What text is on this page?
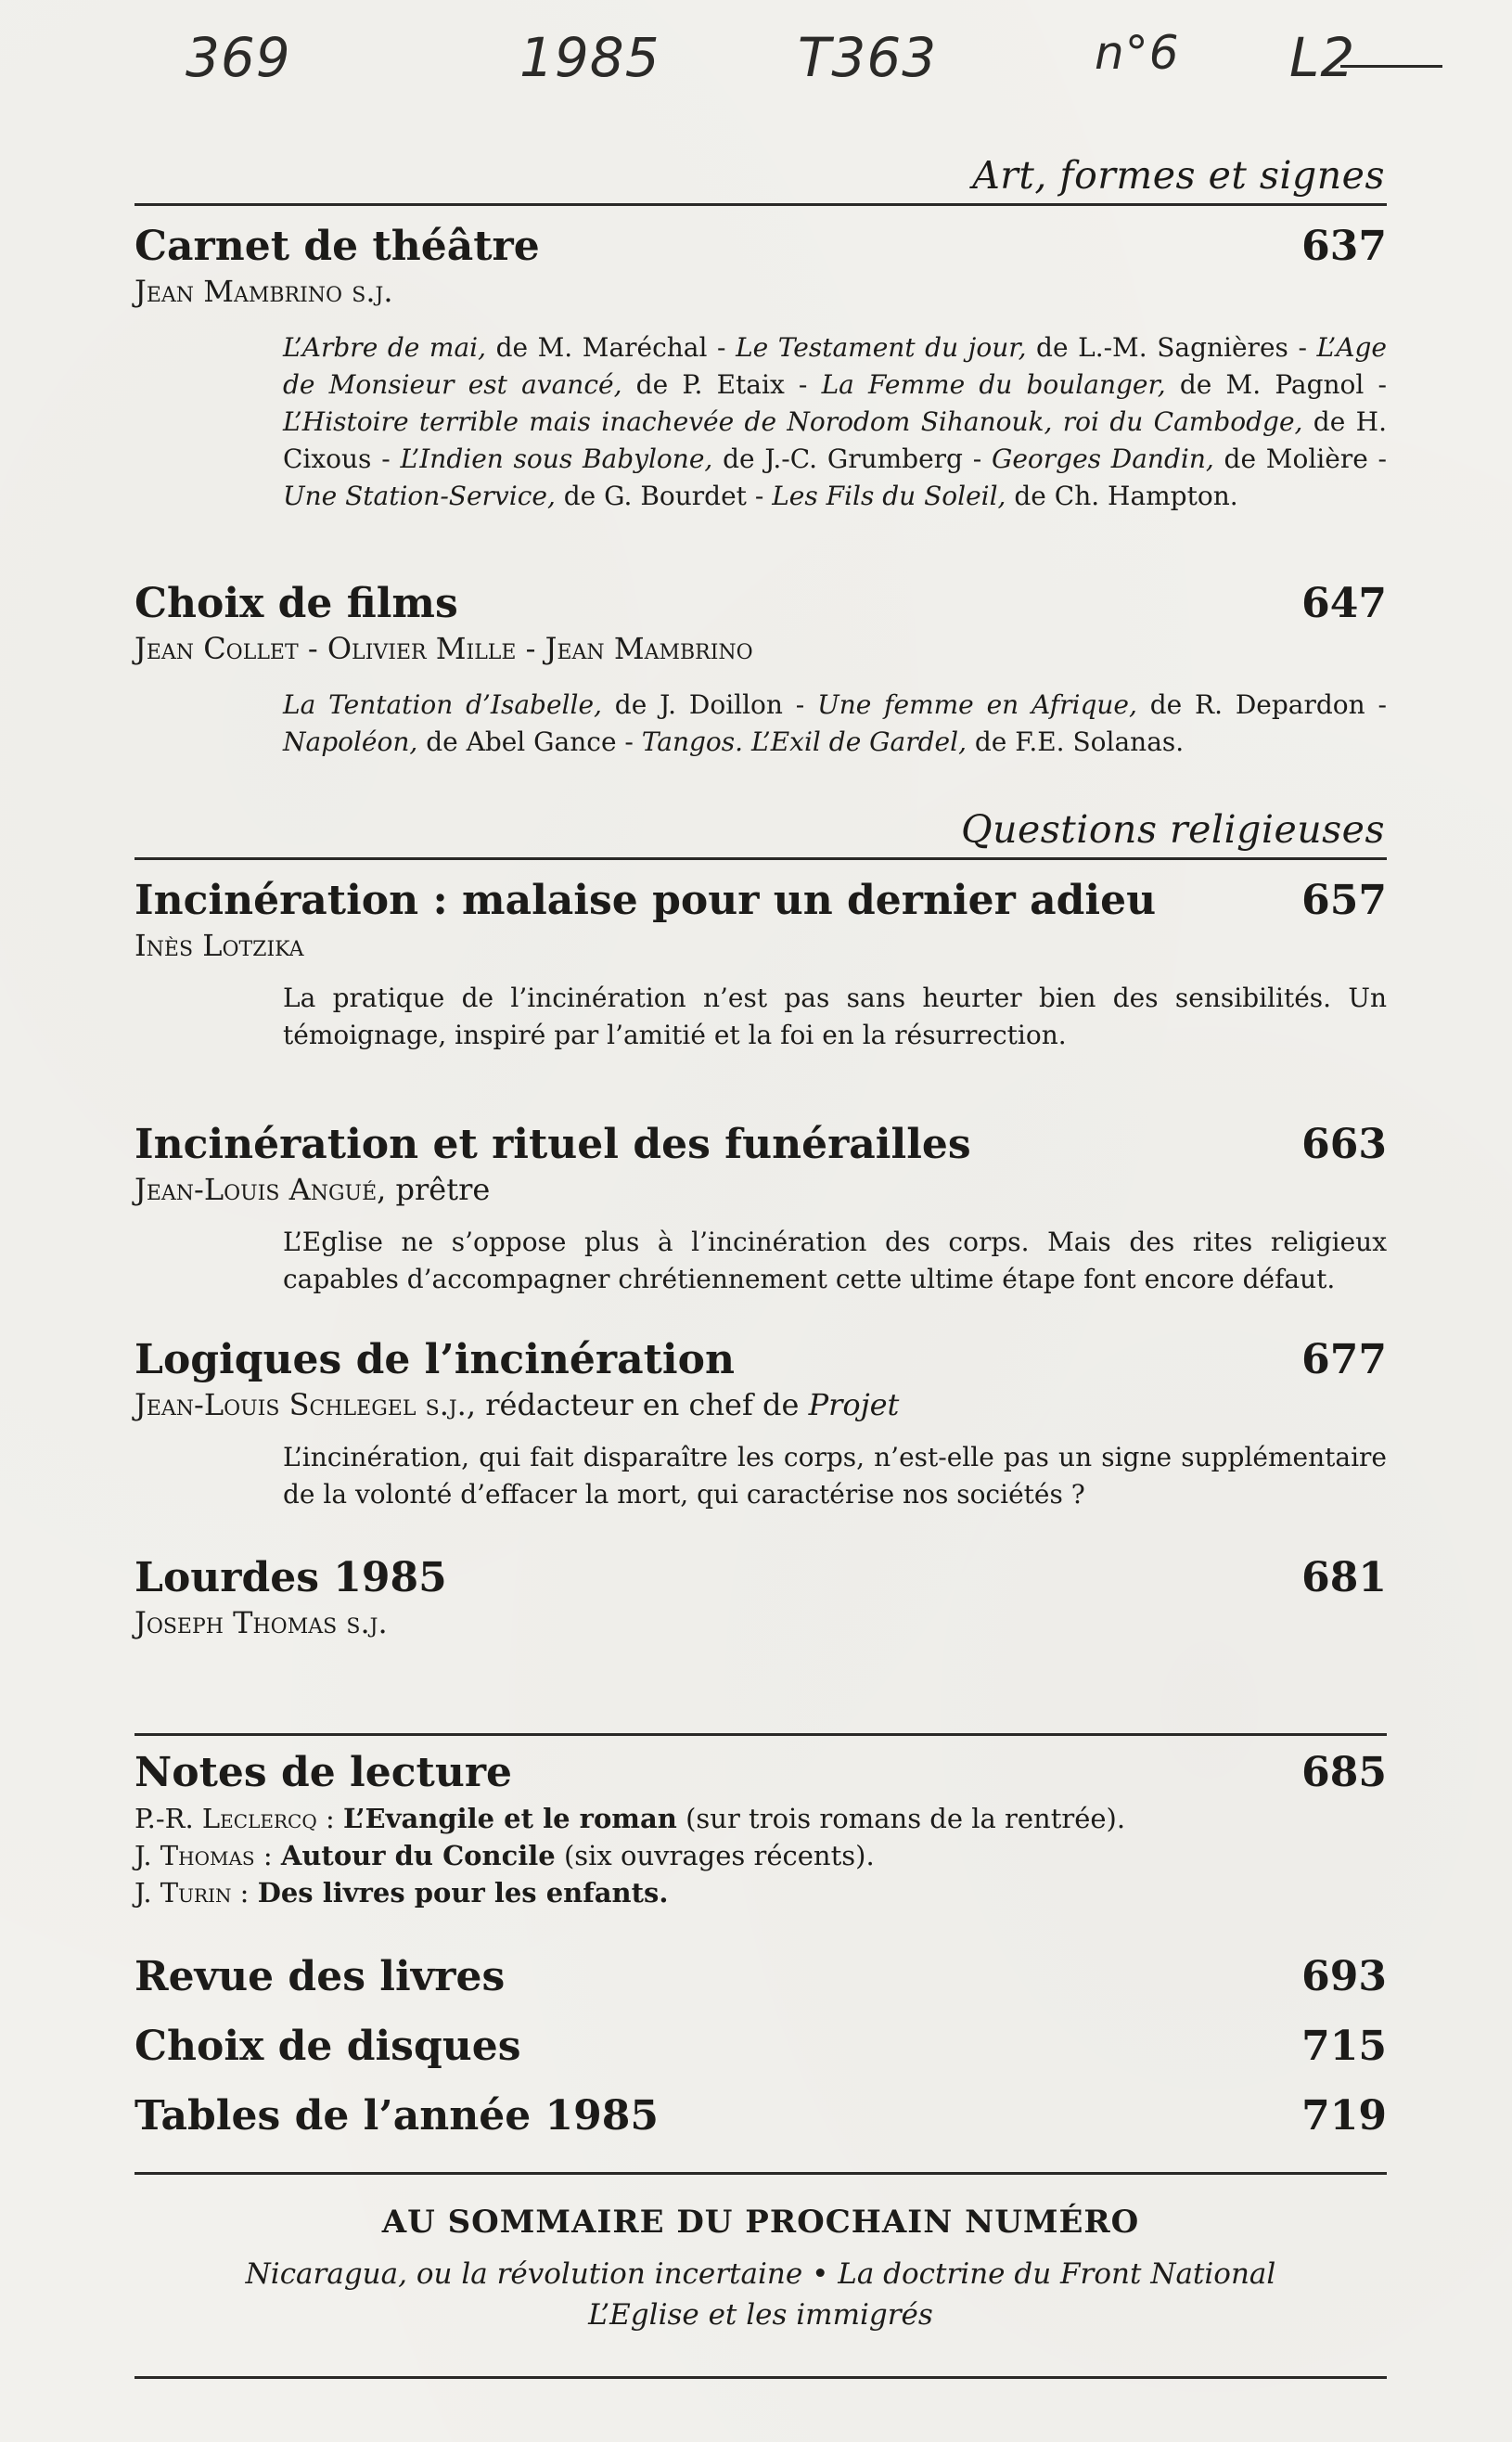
369	1985	T363	n°6 L2
Art, formes et signes
Carnet de théâtre	637
Jean Mambrino s.j.
L’Arbre de mai, de M. Maréchal - Le Testament du jour, de L.-M. Sagnières - L’Age de Monsieur est avancé, de P. Etaix - La Femme du boulanger, de M. Pagnol - L’Histoire terrible mais inachevée de Norodom Sihanouk, roi du Cambodge, de H. Cixous - L’Indien sous Babylone, de J.-C. Grumberg - Georges Dandin, de Molière - Une Station-Service, de G. Bourdet - Les Fils du Soleil, de Ch. Hampton.
Choix de films	647
Jean Collet - Olivier Mille - Jean Mambrino
La Tentation d’Isabelle, de J. Doillon - Une femme en Afrique, de R. Depardon - Napoléon, de Abel Gance - Tangos. L’Exil de Gardel, de F.E. Solanas.
Questions religieuses
Incinération : malaise pour un dernier adieu	657
Inès Lotzika
La pratique de l’incinération n’est pas sans heurter bien des sensibilités. Un témoignage, inspiré par l’amitié et la foi en la résurrection.
Incinération et rituel des funérailles	663
Jean-Louis Angué, prêtre
L’Eglise ne s’oppose plus à l’incinération des corps. Mais des rites religieux capables d’accompagner chrétiennement cette ultime étape font encore défaut.
Logiques de l’incinération	677
Jean-Louis Schlegel s.j., rédacteur en chef de Projet
L’incinération, qui fait disparaître les corps, n’est-elle pas un signe supplémentaire de la volonté d’effacer la mort, qui caractérise nos sociétés ?
Lourdes 1985	681
Joseph Thomas s.j.
Notes de lecture	685
P.-R. Leclercq : L’Evangile et le roman (sur trois romans de la rentrée).
J. Thomas : Autour du Concile (six ouvrages récents).
J. Turin : Des livres pour les enfants.
Revue des livres	693
Choix de disques	715
Tables de l’année 1985	719
AU SOMMAIRE DU PROCHAIN NUMÉRO
Nicaragua, ou la révolution incertaine • La doctrine du Front National
L’Eglise et les immigrés
